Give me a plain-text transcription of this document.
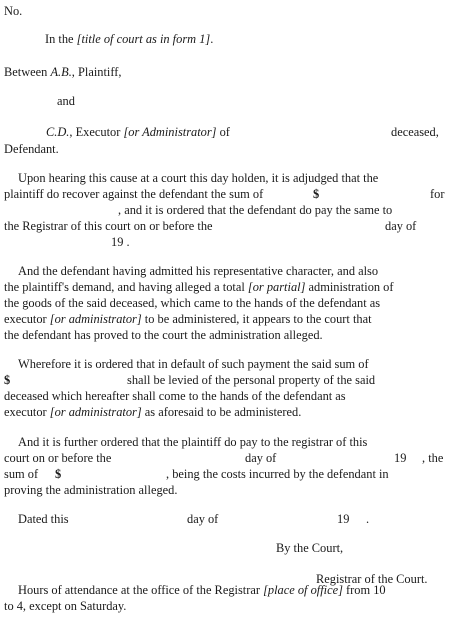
No.
In the [title of court as in form 1].
Between A.B., Plaintiff,
and
C.D., Executor [or Administrator] of	deceased,
Defendant.
Upon hearing this cause at a court this day holden, it is adjudged that the
plaintiff do recover against the defendant the sum of	$	for
, and it is ordered that the defendant do pay the same to
the Registrar of this court on or before the	day of
19 .
And the defendant having admitted his representative character, and also
the plaintiff's demand, and having alleged a total [or partial] administration of
the goods of the said deceased, which came to the hands of the defendant as
executor [or administrator] to be administered, it appears to the court that
the defendant has proved to the court the administration alleged.
Wherefore it is ordered that in default of such payment the said sum of
$	shall be levied of the personal property of the said
deceased which hereafter shall come to the hands of the defendant as
executor [or administrator] as aforesaid to be administered.
And it is further ordered that the plaintiff do pay to the registrar of this
court on or before the	day of	19 , the
sum of $	, being the costs incurred by the defendant in
proving the administration alleged.
Dated this	day of	19 .
By the Court,
Registrar of the Court.
Hours of attendance at the office of the Registrar [place of office] from 10
to 4, except on Saturday.
